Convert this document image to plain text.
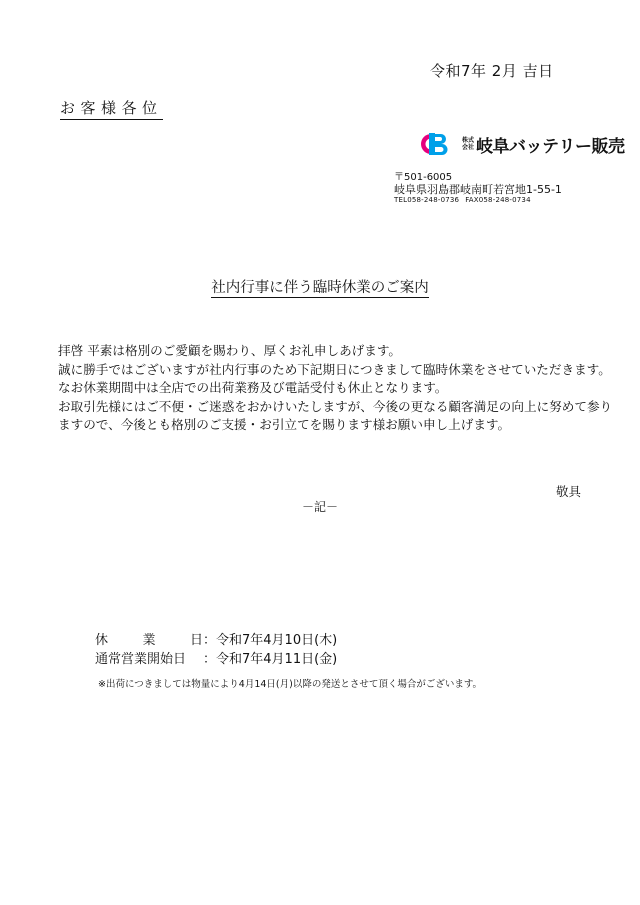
令和7年 2月 吉日
お客様各位
株式
会社 岐阜バッテリー販売
〒501-6005
岐阜県羽島郡岐南町若宮地1-55-1
TEL058-248-0736 FAX058-248-0734
社内行事に伴う臨時休業のご案内

拝啓 平素は格別のご愛顧を賜わり、厚くお礼申しあげます。

誠に勝手ではございますが社内行事のため下記期日につきまして臨時休業をさせていただきます。

なお休業期間中は全店での出荷業務及び電話受付も休止となります。

お取引先様にはご不便・ご迷惑をおかけいたしますが、今後の更なる顧客満足の向上に努めて参り

ますので、今後とも格別のご支援・お引立てを賜ります様お願い申し上げます。

敬具
－記－
休	業	日 ：令和7年4月10日(木)
通常営業開始日	：令和7年4月11日(金)
※出荷につきましては物量により4月14日(月)以降の発送とさせて頂く場合がございます。
